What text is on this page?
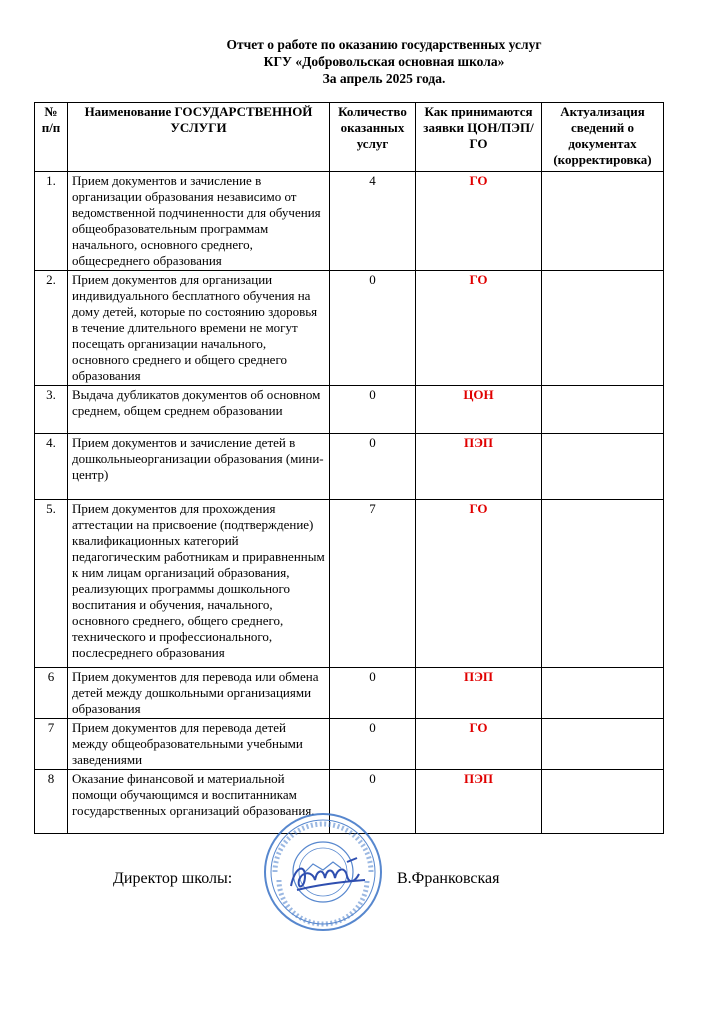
Отчет о работе по оказанию государственных услуг
КГУ «Добровольская основная школа»
За апрель 2025 года.
№ п/п	Наименование ГОСУДАРСТВЕННОЙ УСЛУГИ	Количество оказанных услуг	Как принимаются заявки ЦОН/ПЭП/ГО	Актуализация сведений о документах (корректировка)
1.	Прием документов и зачисление в организации образования независимо от ведомственной подчиненности для обучения общеобразовательным программам начального, основного среднего, общесреднего образования	4	ГО	
2.	Прием документов для организации индивидуального бесплатного обучения на дому детей, которые по состоянию здоровья в течение длительного времени не могут посещать организации начального, основного среднего и общего среднего образования	0	ГО	
3.	Выдача дубликатов документов об основном среднем, общем среднем образовании	0	ЦОН	
4.	Прием документов и зачисление детей в дошкольныеорганизации образования (мини-центр)	0	ПЭП	
5.	Прием документов для прохождения аттестации на присвоение (подтверждение) квалификационных категорий педагогическим работникам и приравненным к ним лицам организаций образования, реализующих программы дошкольного воспитания и обучения, начального, основного среднего, общего среднего, технического и профессионального, послесреднего образования	7	ГО	
6	Прием документов для перевода или обмена детей между дошкольными организациями образования	0	ПЭП	
7	Прием документов для перевода детей между общеобразовательными учебными заведениями	0	ГО	
8	Оказание финансовой и материальной помощи обучающимся и воспитанникам государственных организаций образования.	0	ПЭП	
Директор школы:	В.Франковская
